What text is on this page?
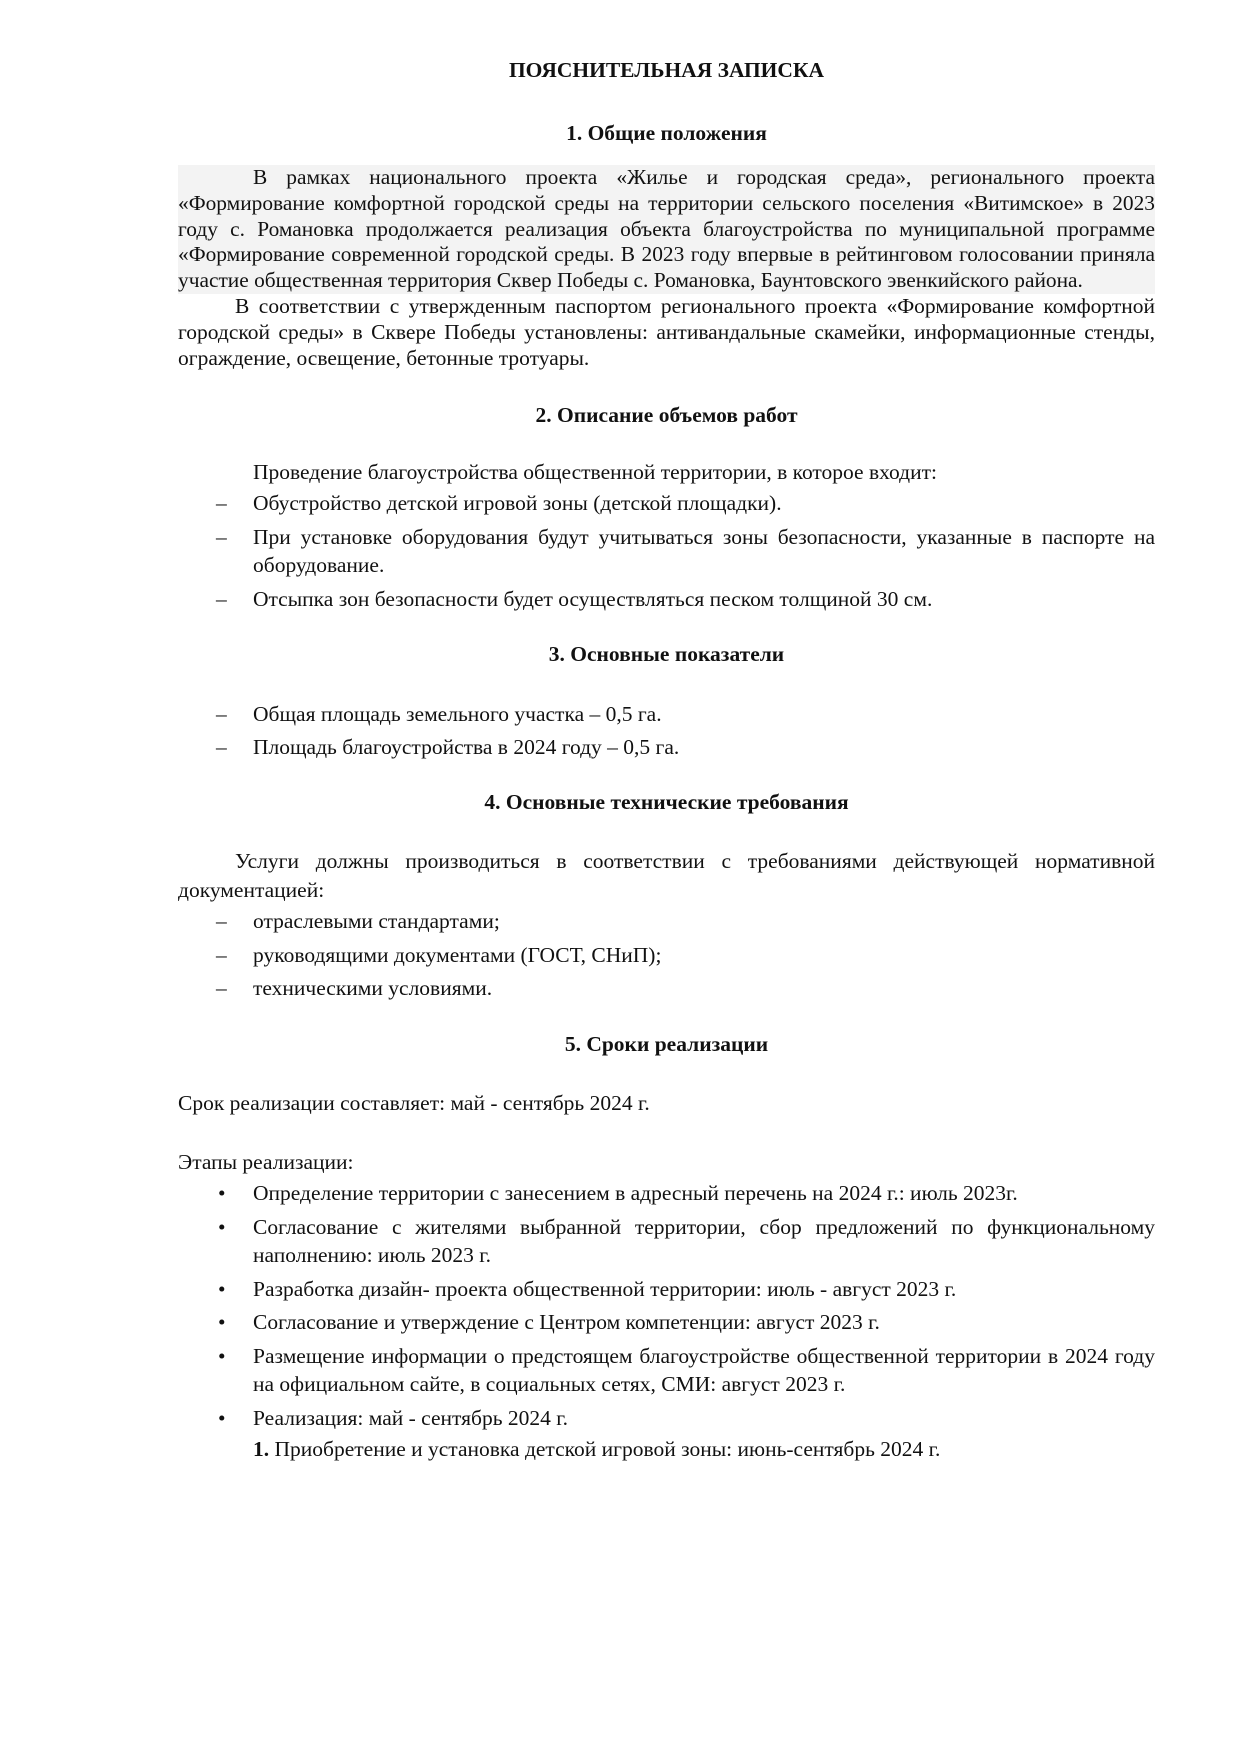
ПОЯСНИТЕЛЬНАЯ ЗАПИСКА

1. Общие положения

В рамках национального проекта «Жилье и городская среда», регионального проекта «Формирование комфортной городской среды на территории сельского поселения «Витимское» в 2023 году с. Романовка продолжается реализация объекта благоустройства по муниципальной программе «Формирование современной городской среды. В 2023 году впервые в рейтинговом голосовании приняла участие общественная территория Сквер Победы с. Романовка, Баунтовского эвенкийского района.

В соответствии с утвержденным паспортом регионального проекта «Формирование комфортной городской среды» в Сквере Победы установлены: антивандальные скамейки, информационные стенды, ограждение, освещение, бетонные тротуары.

2. Описание объемов работ

Проведение благоустройства общественной территории, в которое входит:

– Обустройство детской игровой зоны (детской площадки).
– При установке оборудования будут учитываться зоны безопасности, указанные в паспорте на оборудование.
– Отсыпка зон безопасности будет осуществляться песком толщиной 30 см.

3. Основные показатели

– Общая площадь земельного участка – 0,5 га.
– Площадь благоустройства в 2024 году – 0,5 га.

4. Основные технические требования

Услуги должны производиться в соответствии с требованиями действующей нормативной документацией:

– отраслевыми стандартами;
– руководящими документами (ГОСТ, СНиП);
– техническими условиями.

5. Сроки реализации

Срок реализации составляет: май - сентябрь 2024 г.

Этапы реализации:

• Определение территории с занесением в адресный перечень на 2024 г.: июль 2023г.
• Согласование с жителями выбранной территории, сбор предложений по функциональному наполнению: июль 2023 г.
• Разработка дизайн- проекта общественной территории: июль - август 2023 г.
• Согласование и утверждение с Центром компетенции: август 2023 г.
• Размещение информации о предстоящем благоустройстве общественной территории в 2024 году на официальном сайте, в социальных сетях, СМИ: август 2023 г.
• Реализация: май - сентябрь 2024 г.

1. Приобретение и установка детской игровой зоны: июнь-сентябрь 2024 г.
